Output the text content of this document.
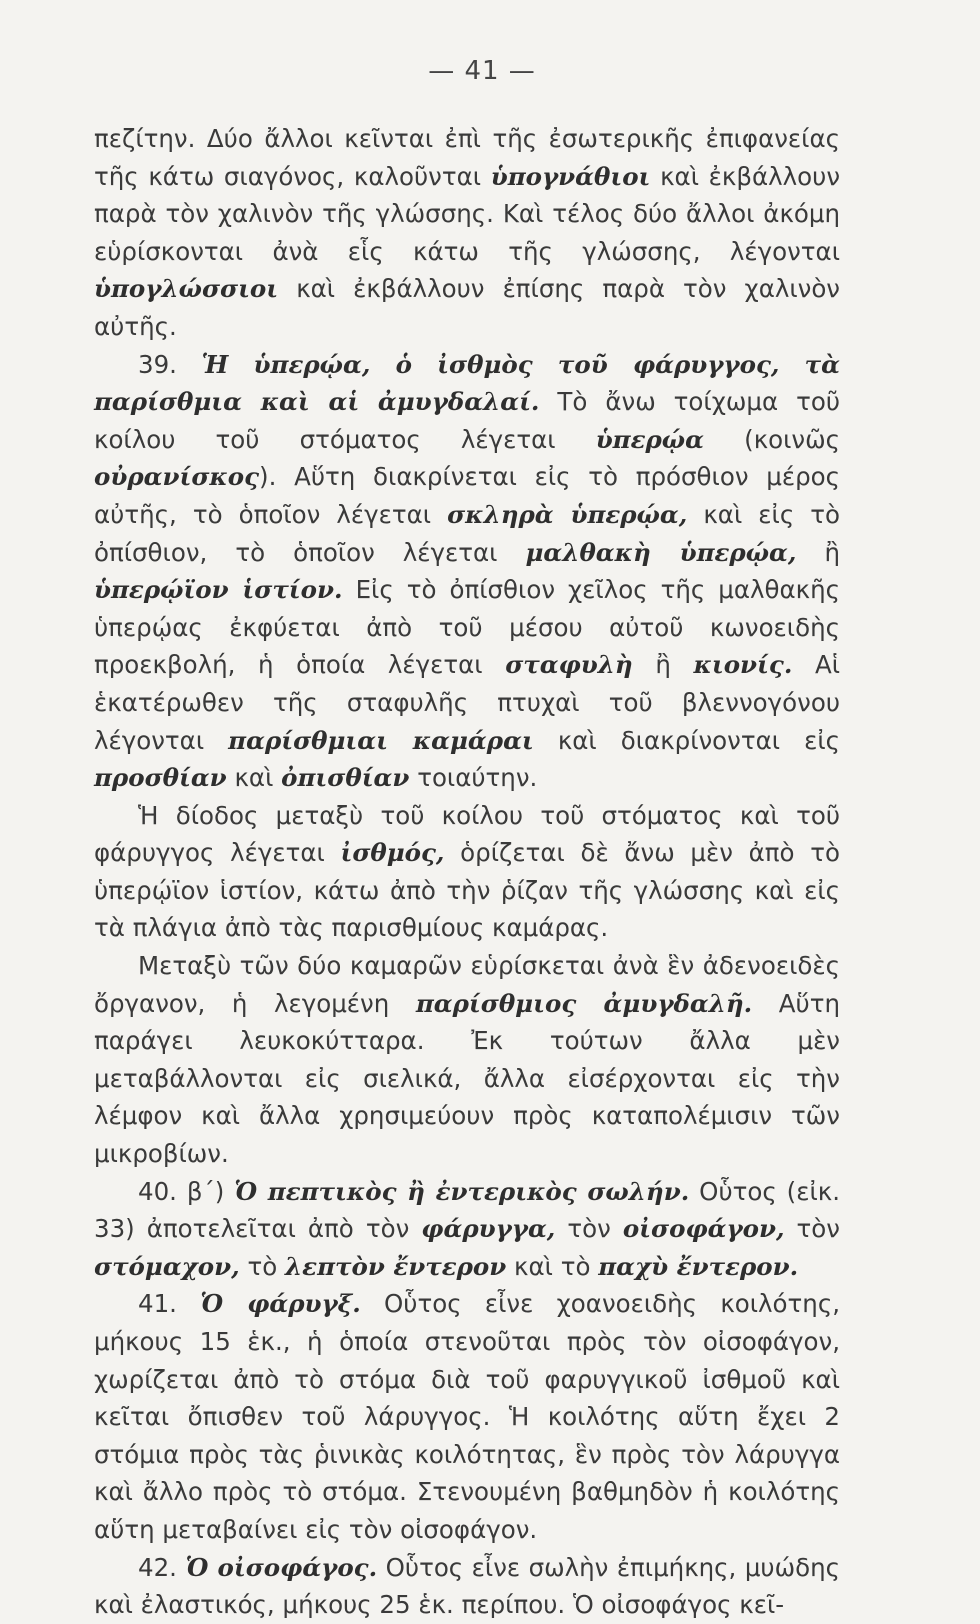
— 41 —

πεζίτην. Δύο ἄλλοι κεῖνται ἐπὶ τῆς ἐσωτερικῆς ἐπιφανείας τῆς κάτω σιαγόνος, καλοῦνται ὑπογνάθιοι καὶ ἐκβάλλουν παρὰ τὸν χαλινὸν τῆς γλώσσης. Καὶ τέλος δύο ἄλλοι ἀκόμη εὑρίσκονται ἀνὰ εἷς κάτω τῆς γλώσσης, λέγονται ὑπογλώσσιοι καὶ ἐκβάλλουν ἐπίσης παρὰ τὸν χαλινὸν αὐτῆς.

39. Ἡ ὑπερῴα, ὁ ἰσθμὸς τοῦ φάρυγγος, τὰ παρίσθμια καὶ αἱ ἀμυγδαλαί. Τὸ ἄνω τοίχωμα τοῦ κοίλου τοῦ στόματος λέγεται ὑπερῴα (κοινῶς οὐρανίσκος). Αὕτη διακρίνεται εἰς τὸ πρόσθιον μέρος αὐτῆς, τὸ ὁποῖον λέγεται σκληρὰ ὑπερῴα, καὶ εἰς τὸ ὀπίσθιον, τὸ ὁποῖον λέγεται μαλθακὴ ὑπερῴα, ἢ ὑπερῴϊον ἱστίον. Εἰς τὸ ὀπίσθιον χεῖλος τῆς μαλθακῆς ὑπερῴας ἐκφύεται ἀπὸ τοῦ μέσου αὐτοῦ κωνοειδὴς προεκβολή, ἡ ὁποία λέγεται σταφυλὴ ἢ κιονίς. Αἱ ἑκατέρωθεν τῆς σταφυλῆς πτυχαὶ τοῦ βλεννογόνου λέγονται παρίσθμιαι καμάραι καὶ διακρίνονται εἰς προσθίαν καὶ ὀπισθίαν τοιαύτην.

Ἡ δίοδος μεταξὺ τοῦ κοίλου τοῦ στόματος καὶ τοῦ φάρυγγος λέγεται ἰσθμός, ὁρίζεται δὲ ἄνω μὲν ἀπὸ τὸ ὑπερῴϊον ἱστίον, κάτω ἀπὸ τὴν ῥίζαν τῆς γλώσσης καὶ εἰς τὰ πλάγια ἀπὸ τὰς παρισθμίους καμάρας.

Μεταξὺ τῶν δύο καμαρῶν εὑρίσκεται ἀνὰ ἓν ἀδενοειδὲς ὄργανον, ἡ λεγομένη παρίσθμιος ἀμυγδαλῆ. Αὕτη παράγει λευκοκύτταρα. Ἐκ τούτων ἄλλα μὲν μεταβάλλονται εἰς σιελικά, ἄλλα εἰσέρχονται εἰς τὴν λέμφον καὶ ἄλλα χρησιμεύουν πρὸς καταπολέμισιν τῶν μικροβίων.

40. β΄) Ὁ πεπτικὸς ἢ ἐντερικὸς σωλήν. Οὗτος (εἰκ. 33) ἀποτελεῖται ἀπὸ τὸν φάρυγγα, τὸν οἰσοφάγον, τὸν στόμαχον, τὸ λεπτὸν ἔντερον καὶ τὸ παχὺ ἔντερον.

41. Ὁ φάρυγξ. Οὗτος εἶνε χοανοειδὴς κοιλότης, μήκους 15 ἑκ., ἡ ὁποία στενοῦται πρὸς τὸν οἰσοφάγον, χωρίζεται ἀπὸ τὸ στόμα διὰ τοῦ φαρυγγικοῦ ἰσθμοῦ καὶ κεῖται ὄπισθεν τοῦ λάρυγγος. Ἡ κοιλότης αὕτη ἔχει 2 στόμια πρὸς τὰς ῥινικὰς κοιλότητας, ἓν πρὸς τὸν λάρυγγα καὶ ἄλλο πρὸς τὸ στόμα. Στενουμένη βαθμηδὸν ἡ κοιλότης αὕτη μεταβαίνει εἰς τὸν οἰσοφάγον.

42. Ὁ οἰσοφάγος. Οὗτος εἶνε σωλὴν ἐπιμήκης, μυώδης καὶ ἐλαστικός, μήκους 25 ἑκ. περίπου. Ὁ οἰσοφάγος κεῖ-
